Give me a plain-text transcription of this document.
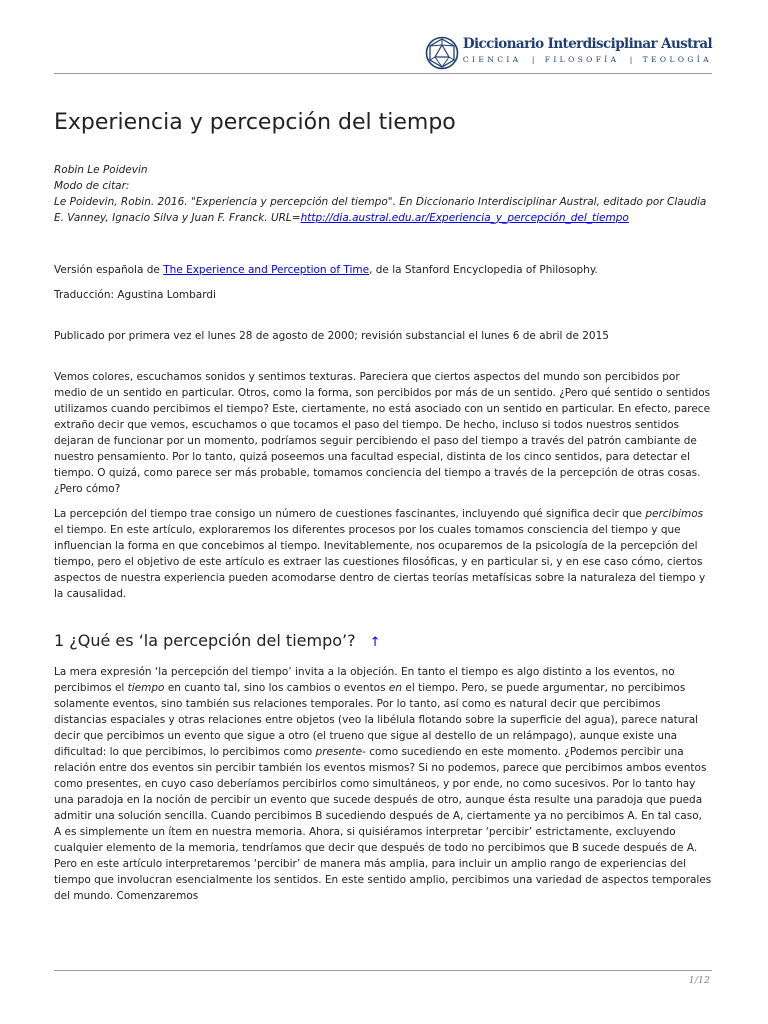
Diccionario Interdisciplinar Austral
CIENCIA | FILOSOFÍA | TEOLOGÍA
Experiencia y percepción del tiempo
Robin Le Poidevin
Modo de citar:
Le Poidevin, Robin. 2016. "Experiencia y percepción del tiempo". En Diccionario Interdisciplinar Austral, editado por Claudia E. Vanney, Ignacio Silva y Juan F. Franck. URL=http://dia.austral.edu.ar/Experiencia_y_percepción_del_tiempo

Versión española de The Experience and Perception of Time, de la Stanford Encyclopedia of Philosophy.

Traducción: Agustina Lombardi

Publicado por primera vez el lunes 28 de agosto de 2000; revisión substancial el lunes 6 de abril de 2015

Vemos colores, escuchamos sonidos y sentimos texturas. Pareciera que ciertos aspectos del mundo son percibidos por medio de un sentido en particular. Otros, como la forma, son percibidos por más de un sentido. ¿Pero qué sentido o sentidos utilizamos cuando percibimos el tiempo? Este, ciertamente, no está asociado con un sentido en particular. En efecto, parece extraño decir que vemos, escuchamos o que tocamos el paso del tiempo. De hecho, incluso si todos nuestros sentidos dejaran de funcionar por un momento, podríamos seguir percibiendo el paso del tiempo a través del patrón cambiante de nuestro pensamiento. Por lo tanto, quizá poseemos una facultad especial, distinta de los cinco sentidos, para detectar el tiempo. O quizá, como parece ser más probable, tomamos conciencia del tiempo a través de la percepción de otras cosas. ¿Pero cómo?

La percepción del tiempo trae consigo un número de cuestiones fascinantes, incluyendo qué significa decir que percibimos el tiempo. En este artículo, exploraremos los diferentes procesos por los cuales tomamos consciencia del tiempo y que influencian la forma en que concebimos al tiempo. Inevitablemente, nos ocuparemos de la psicología de la percepción del tiempo, pero el objetivo de este artículo es extraer las cuestiones filosóficas, y en particular si, y en ese caso cómo, ciertos aspectos de nuestra experiencia pueden acomodarse dentro de ciertas teorías metafísicas sobre la naturaleza del tiempo y la causalidad.

1 ¿Qué es ‘la percepción del tiempo’? ↑

La mera expresión ‘la percepción del tiempo’ invita a la objeción. En tanto el tiempo es algo distinto a los eventos, no percibimos el tiempo en cuanto tal, sino los cambios o eventos en el tiempo. Pero, se puede argumentar, no percibimos solamente eventos, sino también sus relaciones temporales. Por lo tanto, así como es natural decir que percibimos distancias espaciales y otras relaciones entre objetos (veo la libélula flotando sobre la superficie del agua), parece natural decir que percibimos un evento que sigue a otro (el trueno que sigue al destello de un relámpago), aunque existe una dificultad: lo que percibimos, lo percibimos como presente- como sucediendo en este momento. ¿Podemos percibir una relación entre dos eventos sin percibir también los eventos mismos? Si no podemos, parece que percibimos ambos eventos como presentes, en cuyo caso deberíamos percibirlos como simultáneos, y por ende, no como sucesivos. Por lo tanto hay una paradoja en la noción de percibir un evento que sucede después de otro, aunque ésta resulte una paradoja que pueda admitir una solución sencilla. Cuando percibimos B sucediendo después de A, ciertamente ya no percibimos A. En tal caso, A es simplemente un ítem en nuestra memoria. Ahora, si quisiéramos interpretar ‘percibir’ estrictamente, excluyendo cualquier elemento de la memoria, tendríamos que decir que después de todo no percibimos que B sucede después de A. Pero en este artículo interpretaremos ‘percibir’ de manera más amplia, para incluir un amplio rango de experiencias del tiempo que involucran esencialmente los sentidos. En este sentido amplio, percibimos una variedad de aspectos temporales del mundo. Comenzaremos

1/12
